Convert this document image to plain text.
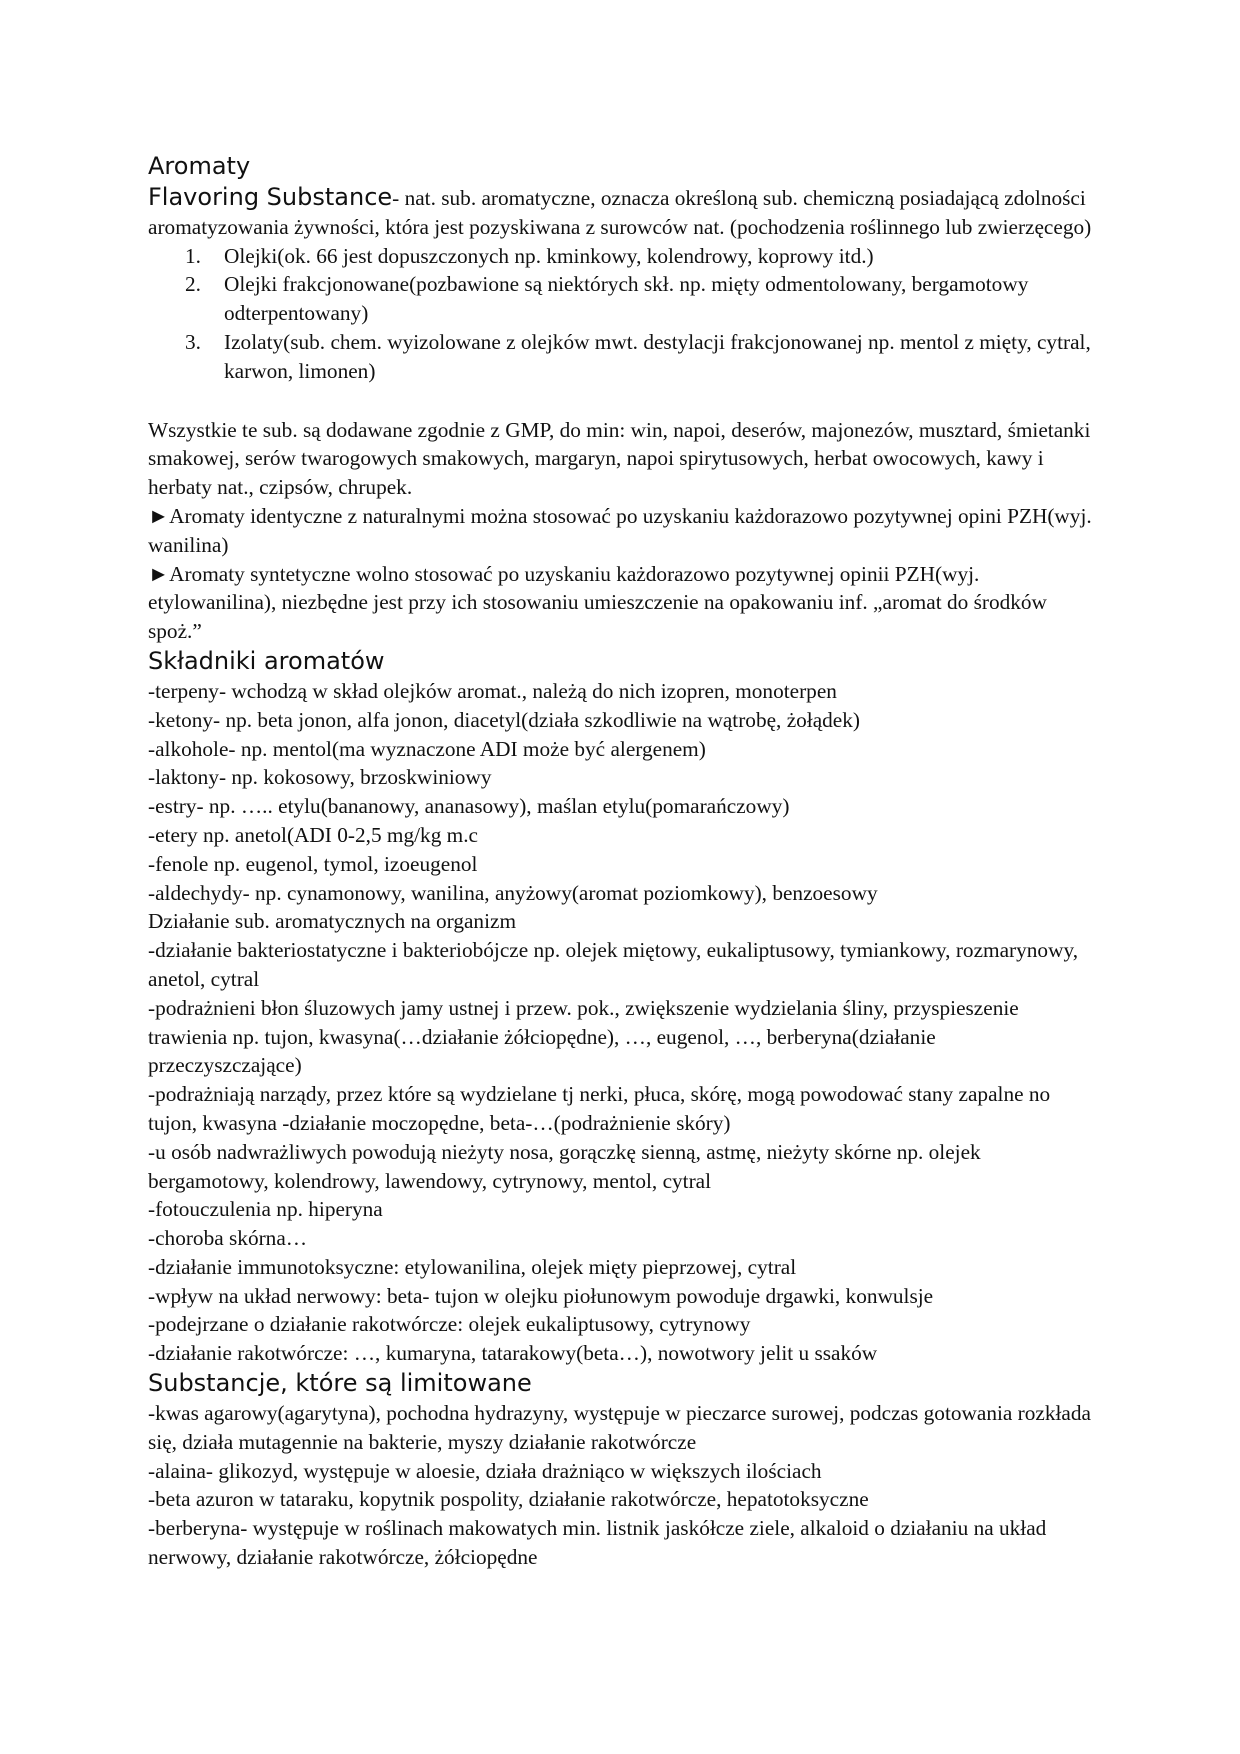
Aromaty

Flavoring Substance- nat. sub. aromatyczne, oznacza określoną sub. chemiczną posiadającą zdolności aromatyzowania żywności, która jest pozyskiwana z surowców nat. (pochodzenia roślinnego lub zwierzęcego)

1. Olejki(ok. 66 jest dopuszczonych np. kminkowy, kolendrowy, koprowy itd.)
2. Olejki frakcjonowane(pozbawione są niektórych skł. np. mięty odmentolowany, bergamotowy odterpentowany)
3. Izolaty(sub. chem. wyizolowane z olejków mwt. destylacji frakcjonowanej np. mentol z mięty, cytral, karwon, limonen)

Wszystkie te sub. są dodawane zgodnie z GMP, do min: win, napoi, deserów, majonezów, musztard, śmietanki smakowej, serów twarogowych smakowych, margaryn, napoi spirytusowych, herbat owocowych, kawy i herbaty nat., czipsów, chrupek.

►Aromaty identyczne z naturalnymi można stosować po uzyskaniu każdorazowo pozytywnej opini PZH(wyj. wanilina)

►Aromaty syntetyczne wolno stosować po uzyskaniu każdorazowo pozytywnej opinii PZH(wyj. etylowanilina), niezbędne jest przy ich stosowaniu umieszczenie na opakowaniu inf. „aromat do środków spoż.”

Składniki aromatów

-terpeny- wchodzą w skład olejków aromat., należą do nich izopren, monoterpen

-ketony- np. beta jonon, alfa jonon, diacetyl(działa szkodliwie na wątrobę, żołądek)

-alkohole- np. mentol(ma wyznaczone ADI może być alergenem)

-laktony- np. kokosowy, brzoskwiniowy

-estry- np. ….. etylu(bananowy, ananasowy), maślan etylu(pomarańczowy)

-etery np. anetol(ADI 0-2,5 mg/kg m.c

-fenole np. eugenol, tymol, izoeugenol

-aldechydy- np. cynamonowy, wanilina, anyżowy(aromat poziomkowy), benzoesowy

Działanie sub. aromatycznych na organizm

-działanie bakteriostatyczne i bakteriobójcze np. olejek miętowy, eukaliptusowy, tymiankowy, rozmarynowy, anetol, cytral

-podrażnieni błon śluzowych jamy ustnej i przew. pok., zwiększenie wydzielania śliny, przyspieszenie trawienia np. tujon, kwasyna(…działanie żółciopędne), …, eugenol, …, berberyna(działanie przeczyszczające)

-podrażniają narządy, przez które są wydzielane tj nerki, płuca, skórę, mogą powodować stany zapalne no tujon, kwasyna -działanie moczopędne, beta-…(podrażnienie skóry)

-u osób nadwrażliwych powodują nieżyty nosa, gorączkę sienną, astmę, nieżyty skórne np. olejek bergamotowy, kolendrowy, lawendowy, cytrynowy, mentol, cytral

-fotouczulenia np. hiperyna

-choroba skórna…

-działanie immunotoksyczne: etylowanilina, olejek mięty pieprzowej, cytral

-wpływ na układ nerwowy: beta- tujon w olejku piołunowym powoduje drgawki, konwulsje

-podejrzane o działanie rakotwórcze: olejek eukaliptusowy, cytrynowy

-działanie rakotwórcze: …, kumaryna, tatarakowy(beta…), nowotwory jelit u ssaków

Substancje, które są limitowane

-kwas agarowy(agarytyna), pochodna hydrazyny, występuje w pieczarce surowej, podczas gotowania rozkłada się, działa mutagennie na bakterie, myszy działanie rakotwórcze

-alaina- glikozyd, występuje w aloesie, działa drażniąco w większych ilościach

-beta azuron w tataraku, kopytnik pospolity, działanie rakotwórcze, hepatotoksyczne

-berberyna- występuje w roślinach makowatych min. listnik jaskółcze ziele, alkaloid o działaniu na układ nerwowy, działanie rakotwórcze, żółciopędne
